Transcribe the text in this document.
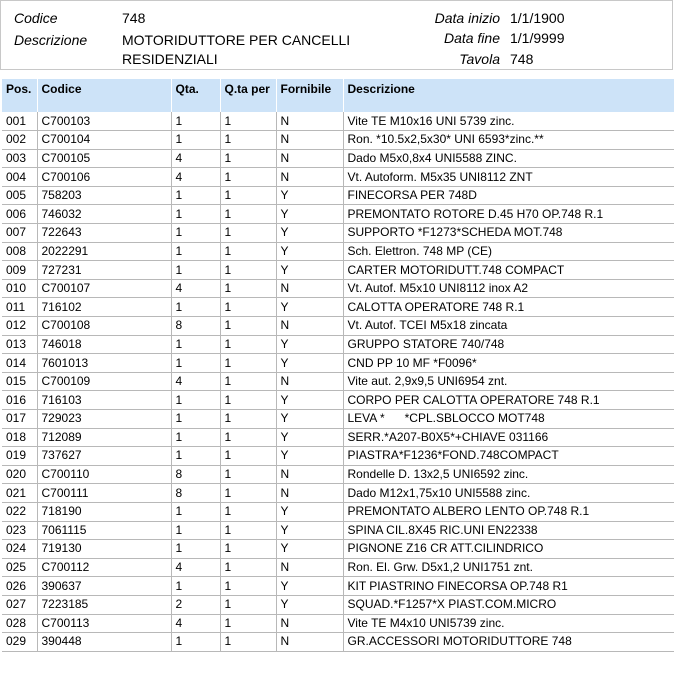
Codice	748
Descrizione MOTORIDUTTORE PER CANCELLI
RESIDENZIALI
Data inizio 1/1/1900
Data fine 1/1/9999
Tavola 748
Pos.	Codice	Qta.	Q.ta per	Fornibile	Descrizione
001	C700103	1	1	N	Vite TE M10x16 UNI 5739 zinc.
002	C700104	1	1	N	Ron. *10.5x2,5x30* UNI 6593*zinc.**
003	C700105	4	1	N	Dado M5x0,8x4 UNI5588 ZINC.
004	C700106	4	1	N	Vt. Autoform. M5x35 UNI8112 ZNT
005	758203	1	1	Y	FINECORSA PER 748D
006	746032	1	1	Y	PREMONTATO ROTORE D.45 H70 OP.748 R.1
007	722643	1	1	Y	SUPPORTO *F1273*SCHEDA MOT.748
008	2022291	1	1	Y	Sch. Elettron. 748 MP (CE)
009	727231	1	1	Y	CARTER MOTORIDUTT.748 COMPACT
010	C700107	4	1	N	Vt. Autof. M5x10 UNI8112 inox A2
011	716102	1	1	Y	CALOTTA OPERATORE 748 R.1
012	C700108	8	1	N	Vt. Autof. TCEI M5x18 zincata
013	746018	1	1	Y	GRUPPO STATORE 740/748
014	7601013	1	1	Y	CND PP 10 MF *F0096*
015	C700109	4	1	N	Vite aut. 2,9x9,5 UNI6954 znt.
016	716103	1	1	Y	CORPO PER CALOTTA OPERATORE 748 R.1
017	729023	1	1	Y	LEVA *      *CPL.SBLOCCO MOT748
018	712089	1	1	Y	SERR.*A207-B0X5*+CHIAVE 031166
019	737627	1	1	Y	PIASTRA*F1236*FOND.748COMPACT
020	C700110	8	1	N	Rondelle D. 13x2,5 UNI6592 zinc.
021	C700111	8	1	N	Dado M12x1,75x10 UNI5588 zinc.
022	718190	1	1	Y	PREMONTATO ALBERO LENTO OP.748 R.1
023	7061115	1	1	Y	SPINA CIL.8X45 RIC.UNI EN22338
024	719130	1	1	Y	PIGNONE Z16 CR ATT.CILINDRICO
025	C700112	4	1	N	Ron. El. Grw. D5x1,2 UNI1751 znt.
026	390637	1	1	Y	KIT PIASTRINO FINECORSA OP.748 R1
027	7223185	2	1	Y	SQUAD.*F1257*X PIAST.COM.MICRO
028	C700113	4	1	N	Vite TE M4x10 UNI5739 zinc.
029	390448	1	1	N	GR.ACCESSORI MOTORIDUTTORE 748
